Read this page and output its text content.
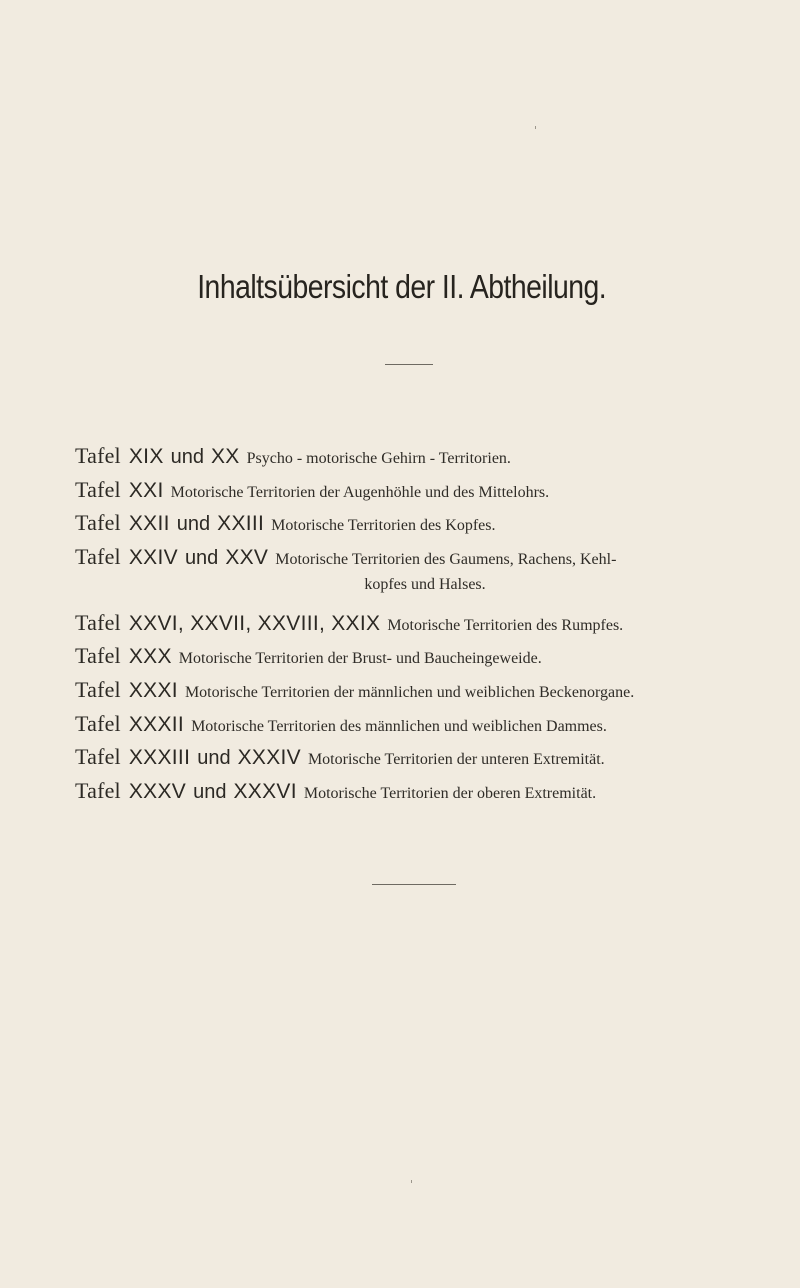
Inhaltsübersicht der II. Abtheilung.
Tafel XIX und XX Psycho - motorische Gehirn - Territorien.
Tafel XXI Motorische Territorien der Augenhöhle und des Mittelohrs.
Tafel XXII und XXIII Motorische Territorien des Kopfes.
Tafel XXIV und XXV Motorische Territorien des Gaumens, Rachens, Kehl-
kopfes und Halses.
Tafel XXVI, XXVII, XXVIII, XXIX Motorische Territorien des Rumpfes.
Tafel XXX Motorische Territorien der Brust- und Baucheingeweide.
Tafel XXXI Motorische Territorien der männlichen und weiblichen Beckenorgane.
Tafel XXXII Motorische Territorien des männlichen und weiblichen Dammes.
Tafel XXXIII und XXXIV Motorische Territorien der unteren Extremität.
Tafel XXXV und XXXVI Motorische Territorien der oberen Extremität.
